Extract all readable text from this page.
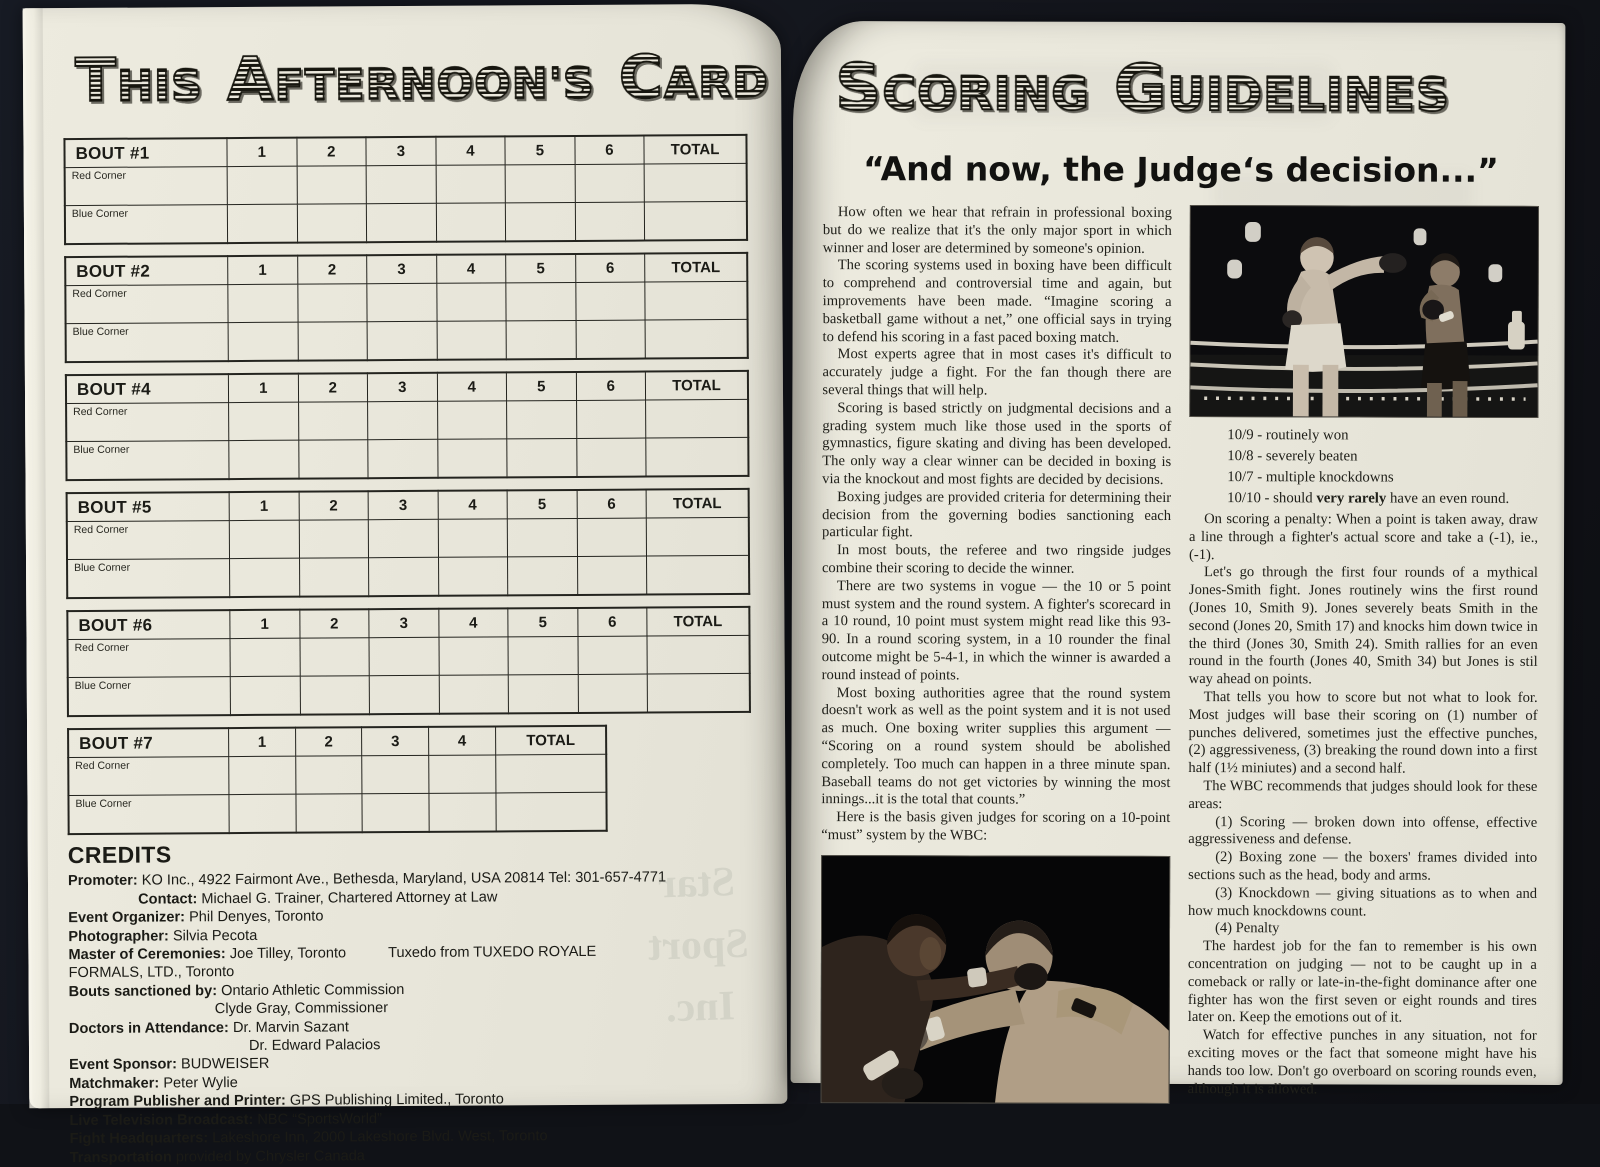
THIS AFTERNOON'S CARD
BOUT #1	1	2	3	4	5	6	TOTAL
Red Corner							
Blue Corner							
BOUT #2	1	2	3	4	5	6	TOTAL
Red Corner							
Blue Corner							
BOUT #4	1	2	3	4	5	6	TOTAL
Red Corner							
Blue Corner							
BOUT #5	1	2	3	4	5	6	TOTAL
Red Corner							
Blue Corner							
BOUT #6	1	2	3	4	5	6	TOTAL
Red Corner							
Blue Corner							
BOUT #7	1	2	3	4	TOTAL
Red Corner					
Blue Corner					
Star
Sport
Inc.
CREDITS
Promoter: KO Inc., 4922 Fairmont Ave., Bethesda, Maryland, USA 20814 Tel: 301-657-4771
Contact: Michael G. Trainer, Chartered Attorney at Law
Event Organizer: Phil Denyes, Toronto
Photographer: Silvia Pecota
Master of Ceremonies: Joe Tilley, Toronto	Tuxedo from TUXEDO ROYALE
FORMALS, LTD., Toronto
Bouts sanctioned by: Ontario Athletic Commission
Clyde Gray, Commissioner
Doctors in Attendance: Dr. Marvin Sazant
Dr. Edward Palacios
Event Sponsor: BUDWEISER
Matchmaker: Peter Wylie
Program Publisher and Printer: GPS Publishing Limited., Toronto
Live Television Broadcast: NBC “SportsWorld”
Fight Headquarters: Lakeshore Inn, 2000 Lakeshore Blvd. West, Toronto
Transportation provided by Chrysler Canada
SCORING GUIDELINES
“And now, the Judge‘s decision...”

How often we hear that refrain in professional boxing but do we realize that it's the only major sport in which winner and loser are determined by someone's opinion.

The scoring systems used in boxing have been difficult to comprehend and controversial time and again, but improvements have been made. “Imagine scoring a basketball game without a net,” one official says in trying to defend his scoring in a fast paced boxing match.

Most experts agree that in most cases it's difficult to accurately judge a fight. For the fan though there are several things that will help.

Scoring is based strictly on judgmental decisions and a grading system much like those used in the sports of gymnastics, figure skating and diving has been developed. The only way a clear winner can be decided in boxing is via the knockout and most fights are decided by decisions.

Boxing judges are provided criteria for determining their decision from the governing bodies sanctioning each particular fight.

In most bouts, the referee and two ringside judges combine their scoring to decide the winner.

There are two systems in vogue — the 10 or 5 point must system and the round system. A fighter's scorecard in a 10 round, 10 point must system might read like this 93-90. In a round scoring system, in a 10 rounder the final outcome might be 5-4-1, in which the winner is awarded a round instead of points.

Most boxing authorities agree that the round system doesn't work as well as the point system and it is not used as much. One boxing writer supplies this argument — “Scoring on a round system should be abolished completely. Too much can happen in a three minute span. Baseball teams do not get victories by winning the most innings...it is the total that counts.”

Here is the basis given judges for scoring on a 10-point “must” system by the WBC:

10/9 - routinely won
10/8 - severely beaten
10/7 - multiple knockdowns
10/10 - should very rarely have an even round.

On scoring a penalty: When a point is taken away, draw a line through a fighter's actual score and take a (-1), ie., (-1).

Let's go through the first four rounds of a mythical Jones-Smith fight. Jones routinely wins the first round (Jones 10, Smith 9). Jones severely beats Smith in the second (Jones 20, Smith 17) and knocks him down twice in the third (Jones 30, Smith 24). Smith rallies for an even round in the fourth (Jones 40, Smith 34) but Jones is stil way ahead on points.

That tells you how to score but not what to look for. Most judges will base their scoring on (1) number of punches delivered, sometimes just the effective punches, (2) aggressiveness, (3) breaking the round down into a first half (1½ miniutes) and a second half.

The WBC recommends that judges should look for these areas:

(1) Scoring — broken down into offense, effective aggressiveness and defense.

(2) Boxing zone — the boxers' frames divided into sections such as the head, body and arms.

(3) Knockdown — giving situations as to when and how much knockdowns count.

(4) Penalty

The hardest job for the fan to remember is his own concentration on judging — not to be caught up in a comeback or rally or late-in-the-fight dominance after one fighter has won the first seven or eight rounds and tires later on. Keep the emotions out of it.

Watch for effective punches in any situation, not for exciting moves or the fact that someone might have his hands too low. Don't go overboard on scoring rounds even, although it is allowed.
